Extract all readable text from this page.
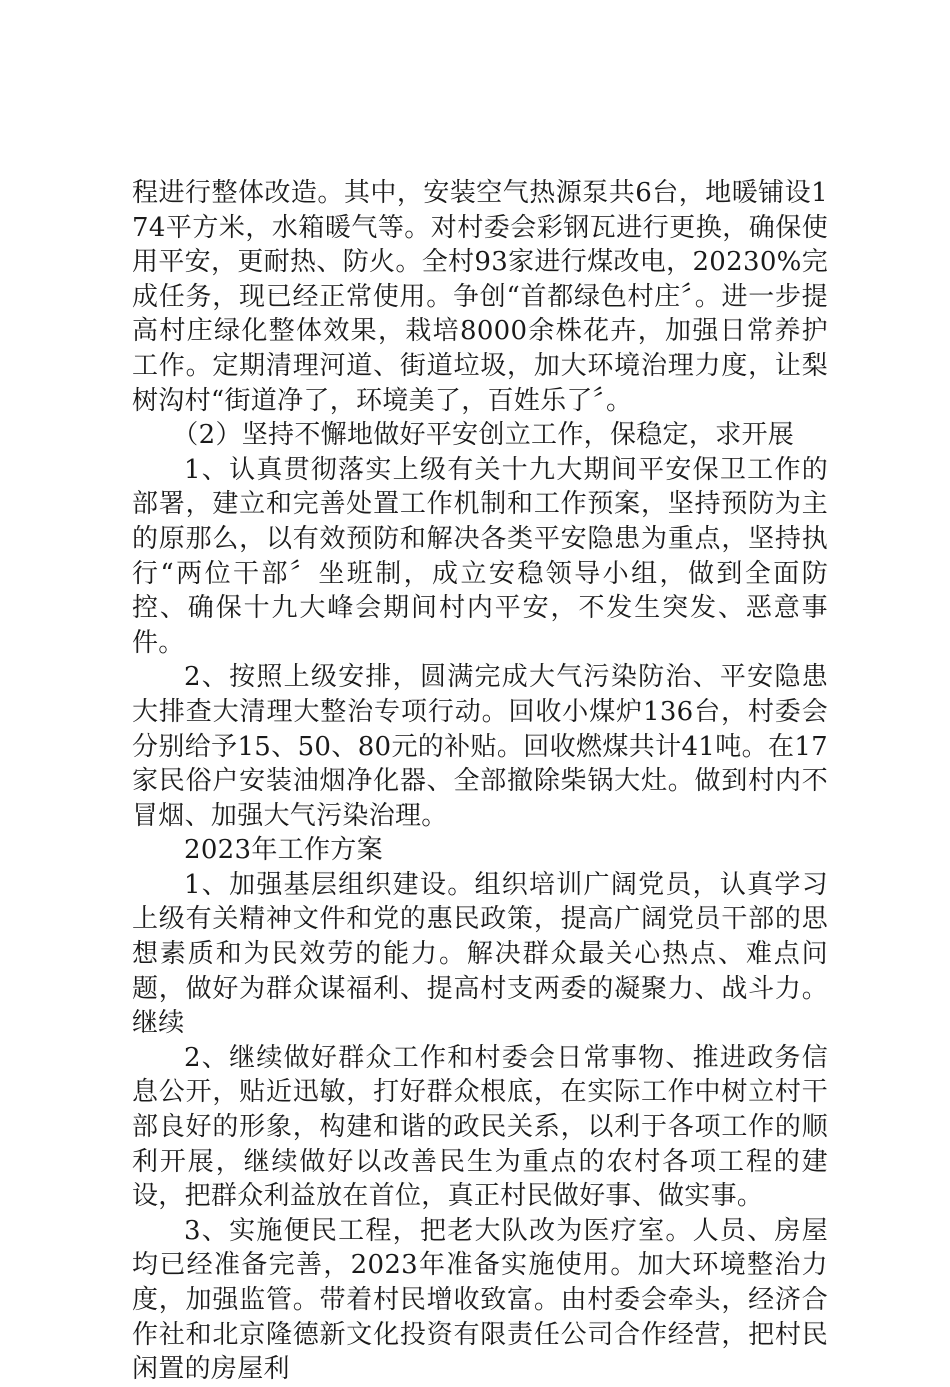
程进行整体改造。其中，安装空气热源泵共6台，地暖铺设174平方米，水箱暖气等。对村委会彩钢瓦进行更换，确保使用平安，更耐热、防火。全村93家进行煤改电，20230%完成任务，现已经正常使用。争创“首都绿色村庄〞。进一步提高村庄绿化整体效果，栽培8000余株花卉，加强日常养护工作。定期清理河道、街道垃圾，加大环境治理力度，让梨树沟村“街道净了，环境美了，百姓乐了〞。

（2）坚持不懈地做好平安创立工作，保稳定，求开展

1、认真贯彻落实上级有关十九大期间平安保卫工作的部署，建立和完善处置工作机制和工作预案，坚持预防为主的原那么，以有效预防和解决各类平安隐患为重点，坚持执行“两位干部〞坐班制，成立安稳领导小组，做到全面防控、确保十九大峰会期间村内平安，不发生突发、恶意事件。

2、按照上级安排，圆满完成大气污染防治、平安隐患大排查大清理大整治专项行动。回收小煤炉136台，村委会分别给予15、50、80元的补贴。回收燃煤共计41吨。在17家民俗户安装油烟净化器、全部撤除柴锅大灶。做到村内不冒烟、加强大气污染治理。

2023年工作方案

1、加强基层组织建设。组织培训广阔党员，认真学习上级有关精神文件和党的惠民政策，提高广阔党员干部的思想素质和为民效劳的能力。解决群众最关心热点、难点问题，做好为群众谋福利、提高村支两委的凝聚力、战斗力。继续

2、继续做好群众工作和村委会日常事物、推进政务信息公开，贴近迅敏，打好群众根底，在实际工作中树立村干部良好的形象，构建和谐的政民关系，以利于各项工作的顺利开展，继续做好以改善民生为重点的农村各项工程的建设，把群众利益放在首位，真正村民做好事、做实事。

3、实施便民工程，把老大队改为医疗室。人员、房屋均已经准备完善，2023年准备实施使用。加大环境整治力度，加强监管。带着村民增收致富。由村委会牵头，经济合作社和北京隆德新文化投资有限责任公司合作经营，把村民闲置的房屋利
